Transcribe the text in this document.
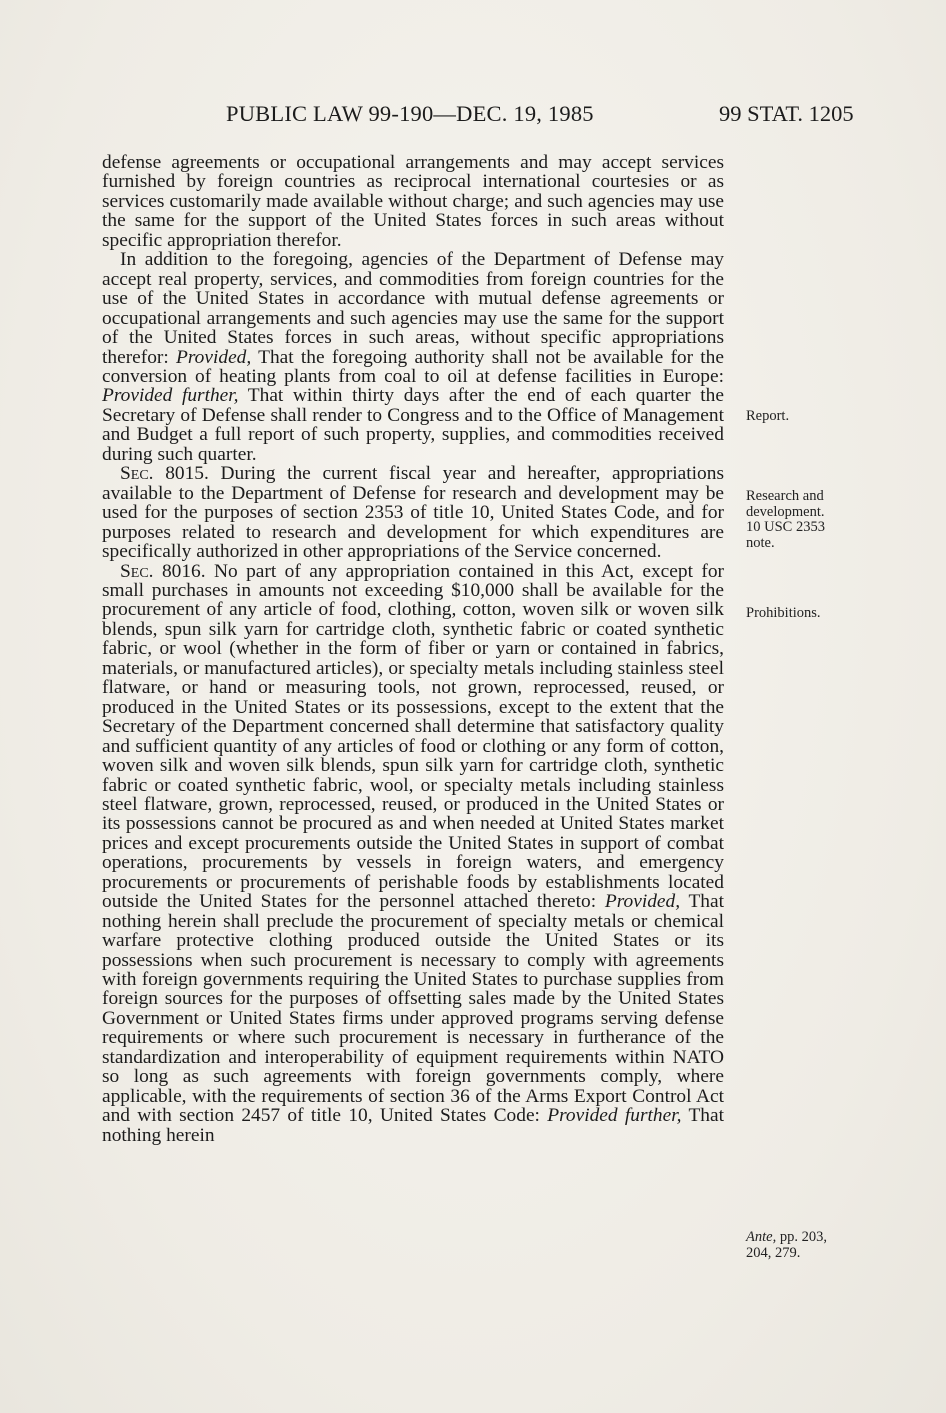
PUBLIC LAW 99-190—DEC. 19, 1985	99 STAT. 1205

defense agreements or occupational arrangements and may accept services furnished by foreign countries as reciprocal international courtesies or as services customarily made available without charge; and such agencies may use the same for the support of the United States forces in such areas without specific appropriation therefor.

In addition to the foregoing, agencies of the Department of Defense may accept real property, services, and commodities from foreign countries for the use of the United States in accordance with mutual defense agreements or occupational arrangements and such agencies may use the same for the support of the United States forces in such areas, without specific appropriations therefor: Provided, That the foregoing authority shall not be available for the conversion of heating plants from coal to oil at defense facilities in Europe: Provided further, That within thirty days after the end of each quarter the Secretary of Defense shall render to Congress and to the Office of Management and Budget a full report of such property, supplies, and commodities received during such quarter.

Sec. 8015. During the current fiscal year and hereafter, appropriations available to the Department of Defense for research and development may be used for the purposes of section 2353 of title 10, United States Code, and for purposes related to research and development for which expenditures are specifically authorized in other appropriations of the Service concerned.

Sec. 8016. No part of any appropriation contained in this Act, except for small purchases in amounts not exceeding $10,000 shall be available for the procurement of any article of food, clothing, cotton, woven silk or woven silk blends, spun silk yarn for cartridge cloth, synthetic fabric or coated synthetic fabric, or wool (whether in the form of fiber or yarn or contained in fabrics, materials, or manufactured articles), or specialty metals including stainless steel flatware, or hand or measuring tools, not grown, reprocessed, reused, or produced in the United States or its possessions, except to the extent that the Secretary of the Department concerned shall determine that satisfactory quality and sufficient quantity of any articles of food or clothing or any form of cotton, woven silk and woven silk blends, spun silk yarn for cartridge cloth, synthetic fabric or coated synthetic fabric, wool, or specialty metals including stainless steel flatware, grown, reprocessed, reused, or produced in the United States or its possessions cannot be procured as and when needed at United States market prices and except procurements outside the United States in support of combat operations, procurements by vessels in foreign waters, and emergency procurements or procurements of perishable foods by establishments located outside the United States for the personnel attached thereto: Provided, That nothing herein shall preclude the procurement of specialty metals or chemical warfare protective clothing produced outside the United States or its possessions when such procurement is necessary to comply with agreements with foreign governments requiring the United States to purchase supplies from foreign sources for the purposes of offsetting sales made by the United States Government or United States firms under approved programs serving defense requirements or where such procurement is necessary in furtherance of the standardization and interoperability of equipment requirements within NATO so long as such agreements with foreign governments comply, where applicable, with the requirements of section 36 of the Arms Export Control Act and with section 2457 of title 10, United States Code: Provided further, That nothing herein

Report.
Research and
development.
10 USC 2353
note.
Prohibitions.
Ante, pp. 203,
204, 279.
